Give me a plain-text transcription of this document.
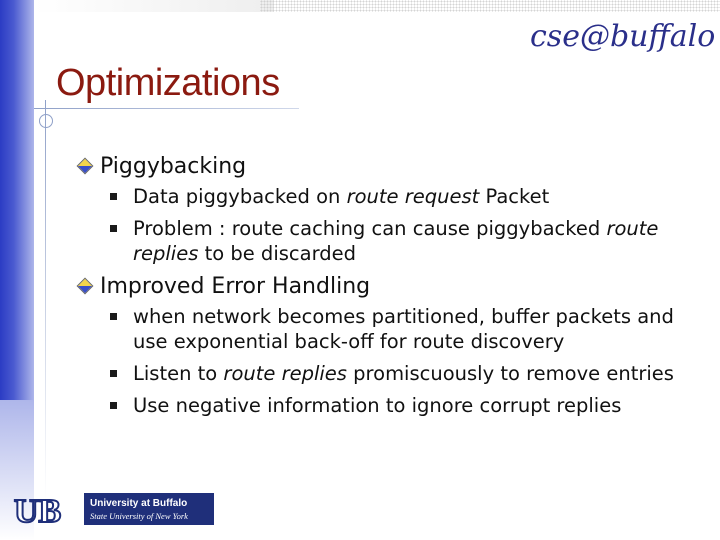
cse@buffalo
Optimizations
Piggybacking
Data piggybacked on route request Packet
Problem : route caching can cause piggybacked route replies to be discarded
Improved Error Handling
when network becomes partitioned, buffer packets and use exponential back-off for route discovery
Listen to route replies promiscuously to remove entries
Use negative information to ignore corrupt replies
UB	University at Buffalo
State University of New York
